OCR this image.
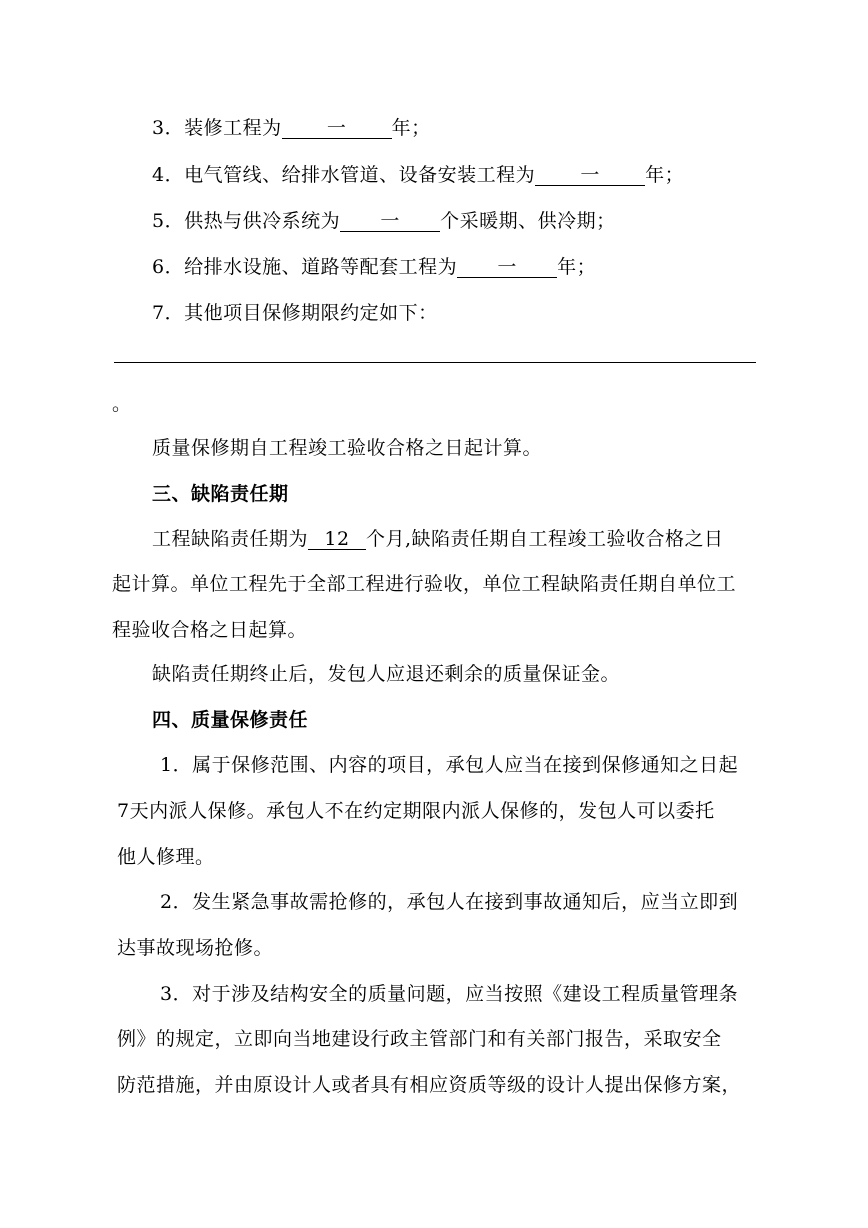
3．装修工程为 一 年；
4．电气管线、给排水管道、设备安装工程为 一 年；
5．供热与供冷系统为 一 个采暖期、供冷期；
6．给排水设施、道路等配套工程为 一 年；
7．其他项目保修期限约定如下：
。
质量保修期自工程竣工验收合格之日起计算。
三、缺陷责任期
工程缺陷责任期为 12 个月,缺陷责任期自工程竣工验收合格之日
起计算。单位工程先于全部工程进行验收，单位工程缺陷责任期自单位工
程验收合格之日起算。
缺陷责任期终止后，发包人应退还剩余的质量保证金。
四、质量保修责任
1．属于保修范围、内容的项目，承包人应当在接到保修通知之日起
7天内派人保修。承包人不在约定期限内派人保修的，发包人可以委托
他人修理。
2．发生紧急事故需抢修的，承包人在接到事故通知后，应当立即到
达事故现场抢修。
3．对于涉及结构安全的质量问题，应当按照《建设工程质量管理条
例》的规定，立即向当地建设行政主管部门和有关部门报告，采取安全
防范措施，并由原设计人或者具有相应资质等级的设计人提出保修方案，
